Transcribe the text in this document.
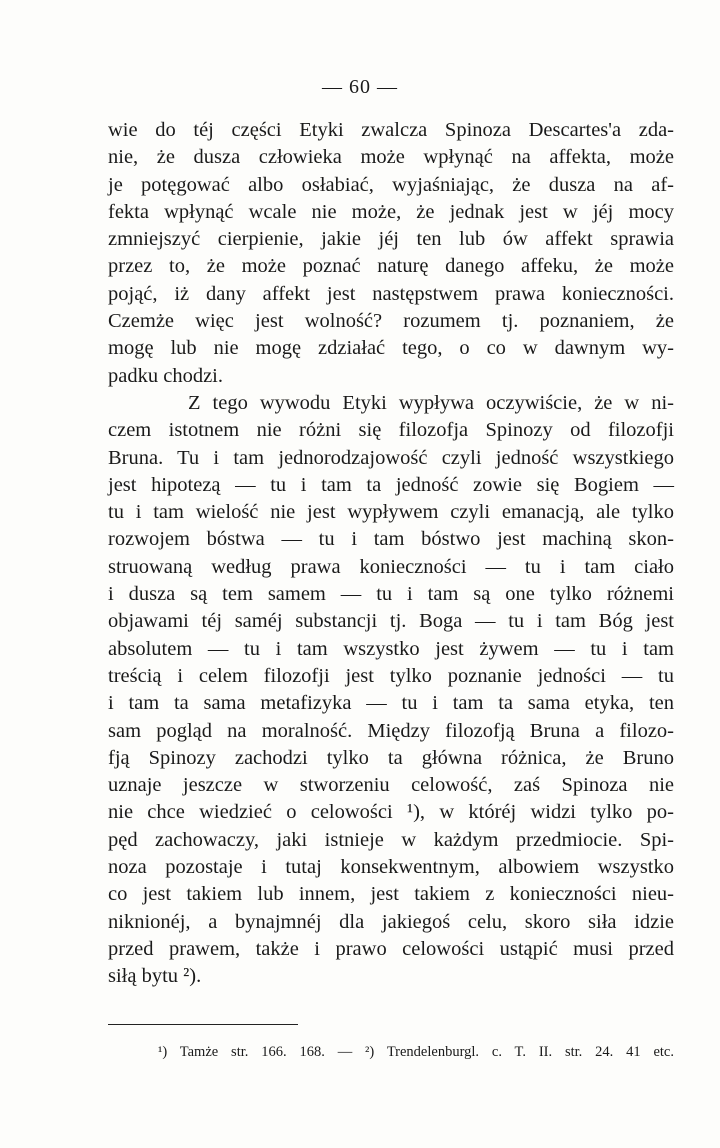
— 60 —
wie do téj części Etyki zwalcza Spinoza Descartes'a zda-
nie, że dusza człowieka może wpłynąć na affekta, może
je potęgować albo osłabiać, wyjaśniając, że dusza na af-
fekta wpłynąć wcale nie może, że jednak jest w jéj mocy
zmniejszyć cierpienie, jakie jéj ten lub ów affekt sprawia
przez to, że może poznać naturę danego affeku, że może
pojąć, iż dany affekt jest następstwem prawa konieczności.
Czemże więc jest wolność? rozumem tj. poznaniem, że
mogę lub nie mogę zdziałać tego, o co w dawnym wy-
padku chodzi.
Z tego wywodu Etyki wypływa oczywiście, że w ni-
czem istotnem nie różni się filozofja Spinozy od filozofji
Bruna. Tu i tam jednorodzajowość czyli jedność wszystkiego
jest hipotezą — tu i tam ta jedność zowie się Bogiem —
tu i tam wielość nie jest wypływem czyli emanacją, ale tylko
rozwojem bóstwa — tu i tam bóstwo jest machiną skon-
struowaną według prawa konieczności — tu i tam ciało
i dusza są tem samem — tu i tam są one tylko różnemi
objawami téj saméj substancji tj. Boga — tu i tam Bóg jest
absolutem — tu i tam wszystko jest żywem — tu i tam
treścią i celem filozofji jest tylko poznanie jedności — tu
i tam ta sama metafizyka — tu i tam ta sama etyka, ten
sam pogląd na moralność. Między filozofją Bruna a filozo-
fją Spinozy zachodzi tylko ta główna różnica, że Bruno
uznaje jeszcze w stworzeniu celowość, zaś Spinoza nie
nie chce wiedzieć o celowości ¹), w któréj widzi tylko po-
pęd zachowaczy, jaki istnieje w każdym przedmiocie. Spi-
noza pozostaje i tutaj konsekwentnym, albowiem wszystko
co jest takiem lub innem, jest takiem z konieczności nieu-
niknionéj, a bynajmnéj dla jakiegoś celu, skoro siła idzie
przed prawem, także i prawo celowości ustąpić musi przed
siłą bytu ²).
¹) Tamże str. 166. 168. — ²) Trendelenburgl. c. T. II. str. 24. 41 etc.
